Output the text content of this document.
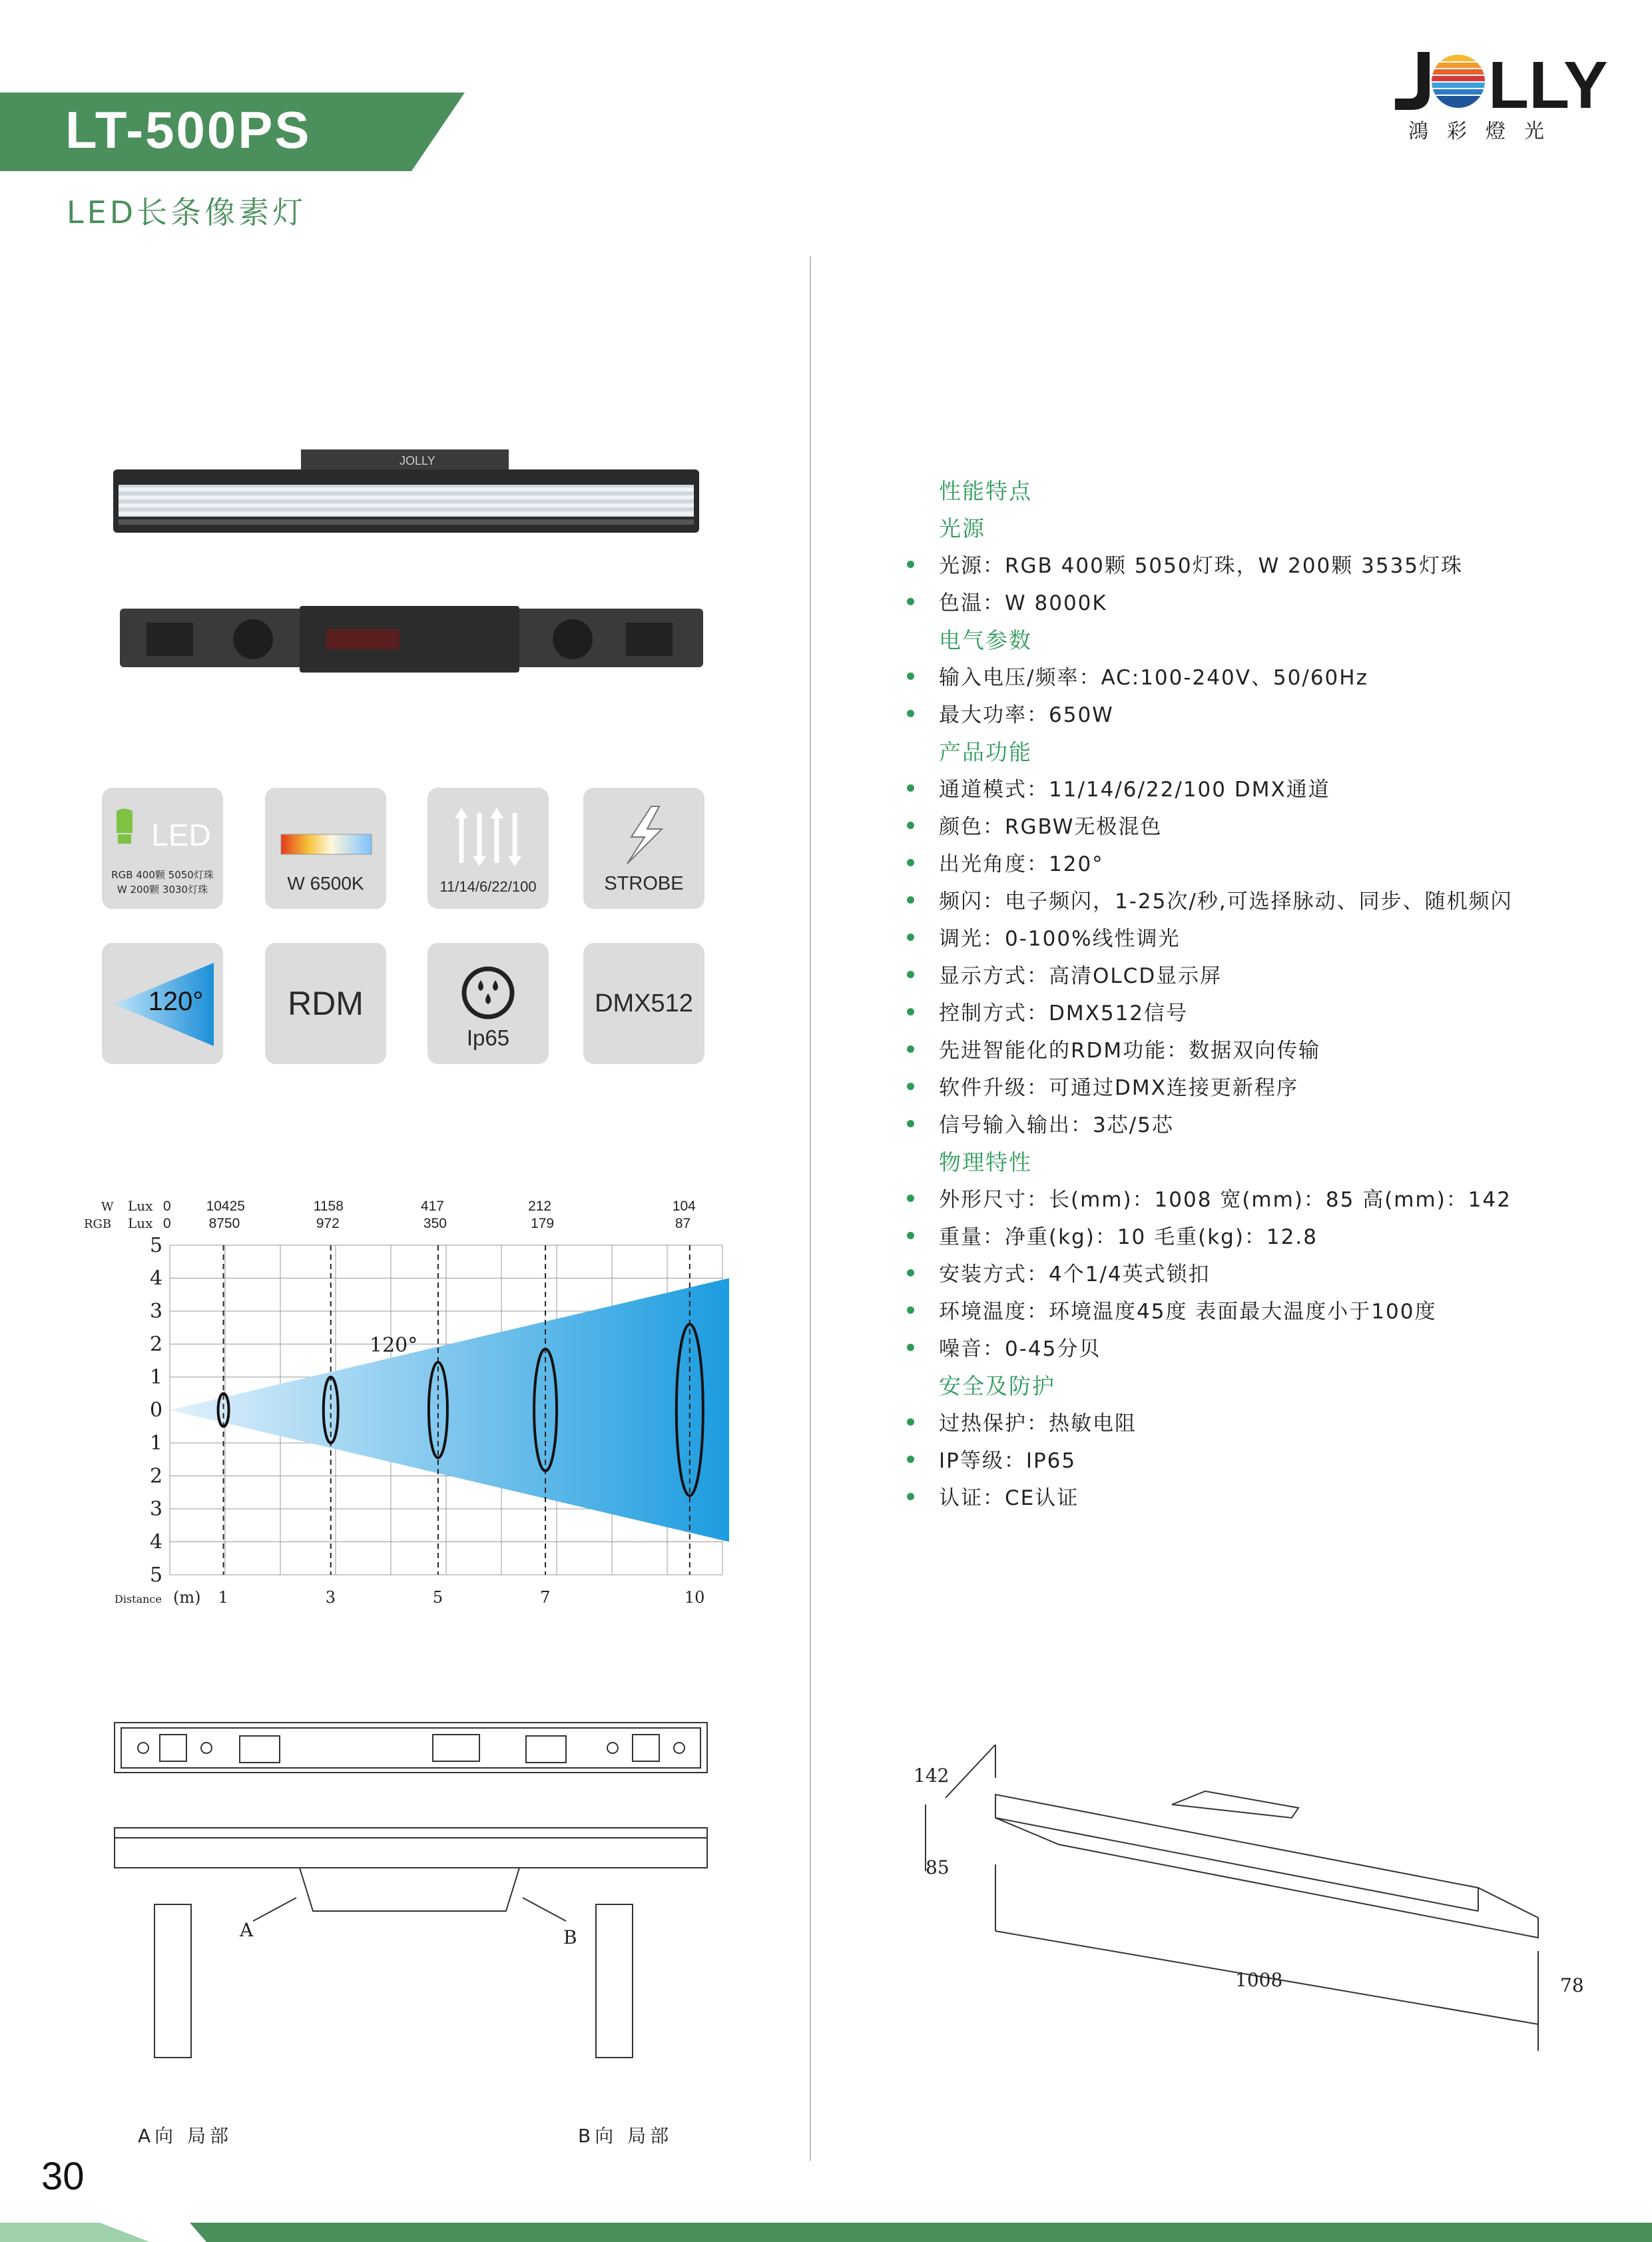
LT-500PS
LED长条像素灯
LLY
鴻彩燈光
JOLLY
LED
RGB 400颗 5050灯珠
W 200颗 3030灯珠	W 6500K	11/14/6/22/100	STROBE
120°	RDM
Ip65
DMX512
5
4
3
2
1
0
1
2
3
4
5
1	3	5	7	10
Distance (m)
W Lux
RGB Lux
0	10425	1158	417	212	104
0	8750	972	350	179	87
120°
性能特点
光源
光源：RGB 400颗 5050灯珠，W 200颗 3535灯珠
色温：W 8000K
电气参数
输入电压/频率：AC:100-240V、50/60Hz
最大功率：650W
产品功能
通道模式：11/14/6/22/100 DMX通道
颜色：RGBW无极混色
出光角度：120°
频闪：电子频闪，1-25次/秒,可选择脉动、同步、随机频闪
调光：0-100%线性调光
显示方式：高清OLCD显示屏
控制方式：DMX512信号
先进智能化的RDM功能：数据双向传输
软件升级：可通过DMX连接更新程序
信号输入输出：3芯/5芯
物理特性
外形尺寸：长(mm)：1008 宽(mm)：85 高(mm)：142
重量：净重(kg)：10 毛重(kg)：12.8
安装方式：4个1/4英式锁扣
环境温度：环境温度45度 表面最大温度小于100度
噪音：0-45分贝
安全及防护
过热保护：热敏电阻
IP等级：IP65
认证：CE认证
A	B
A向 局部	B向 局部
142
85
1008	78
30
